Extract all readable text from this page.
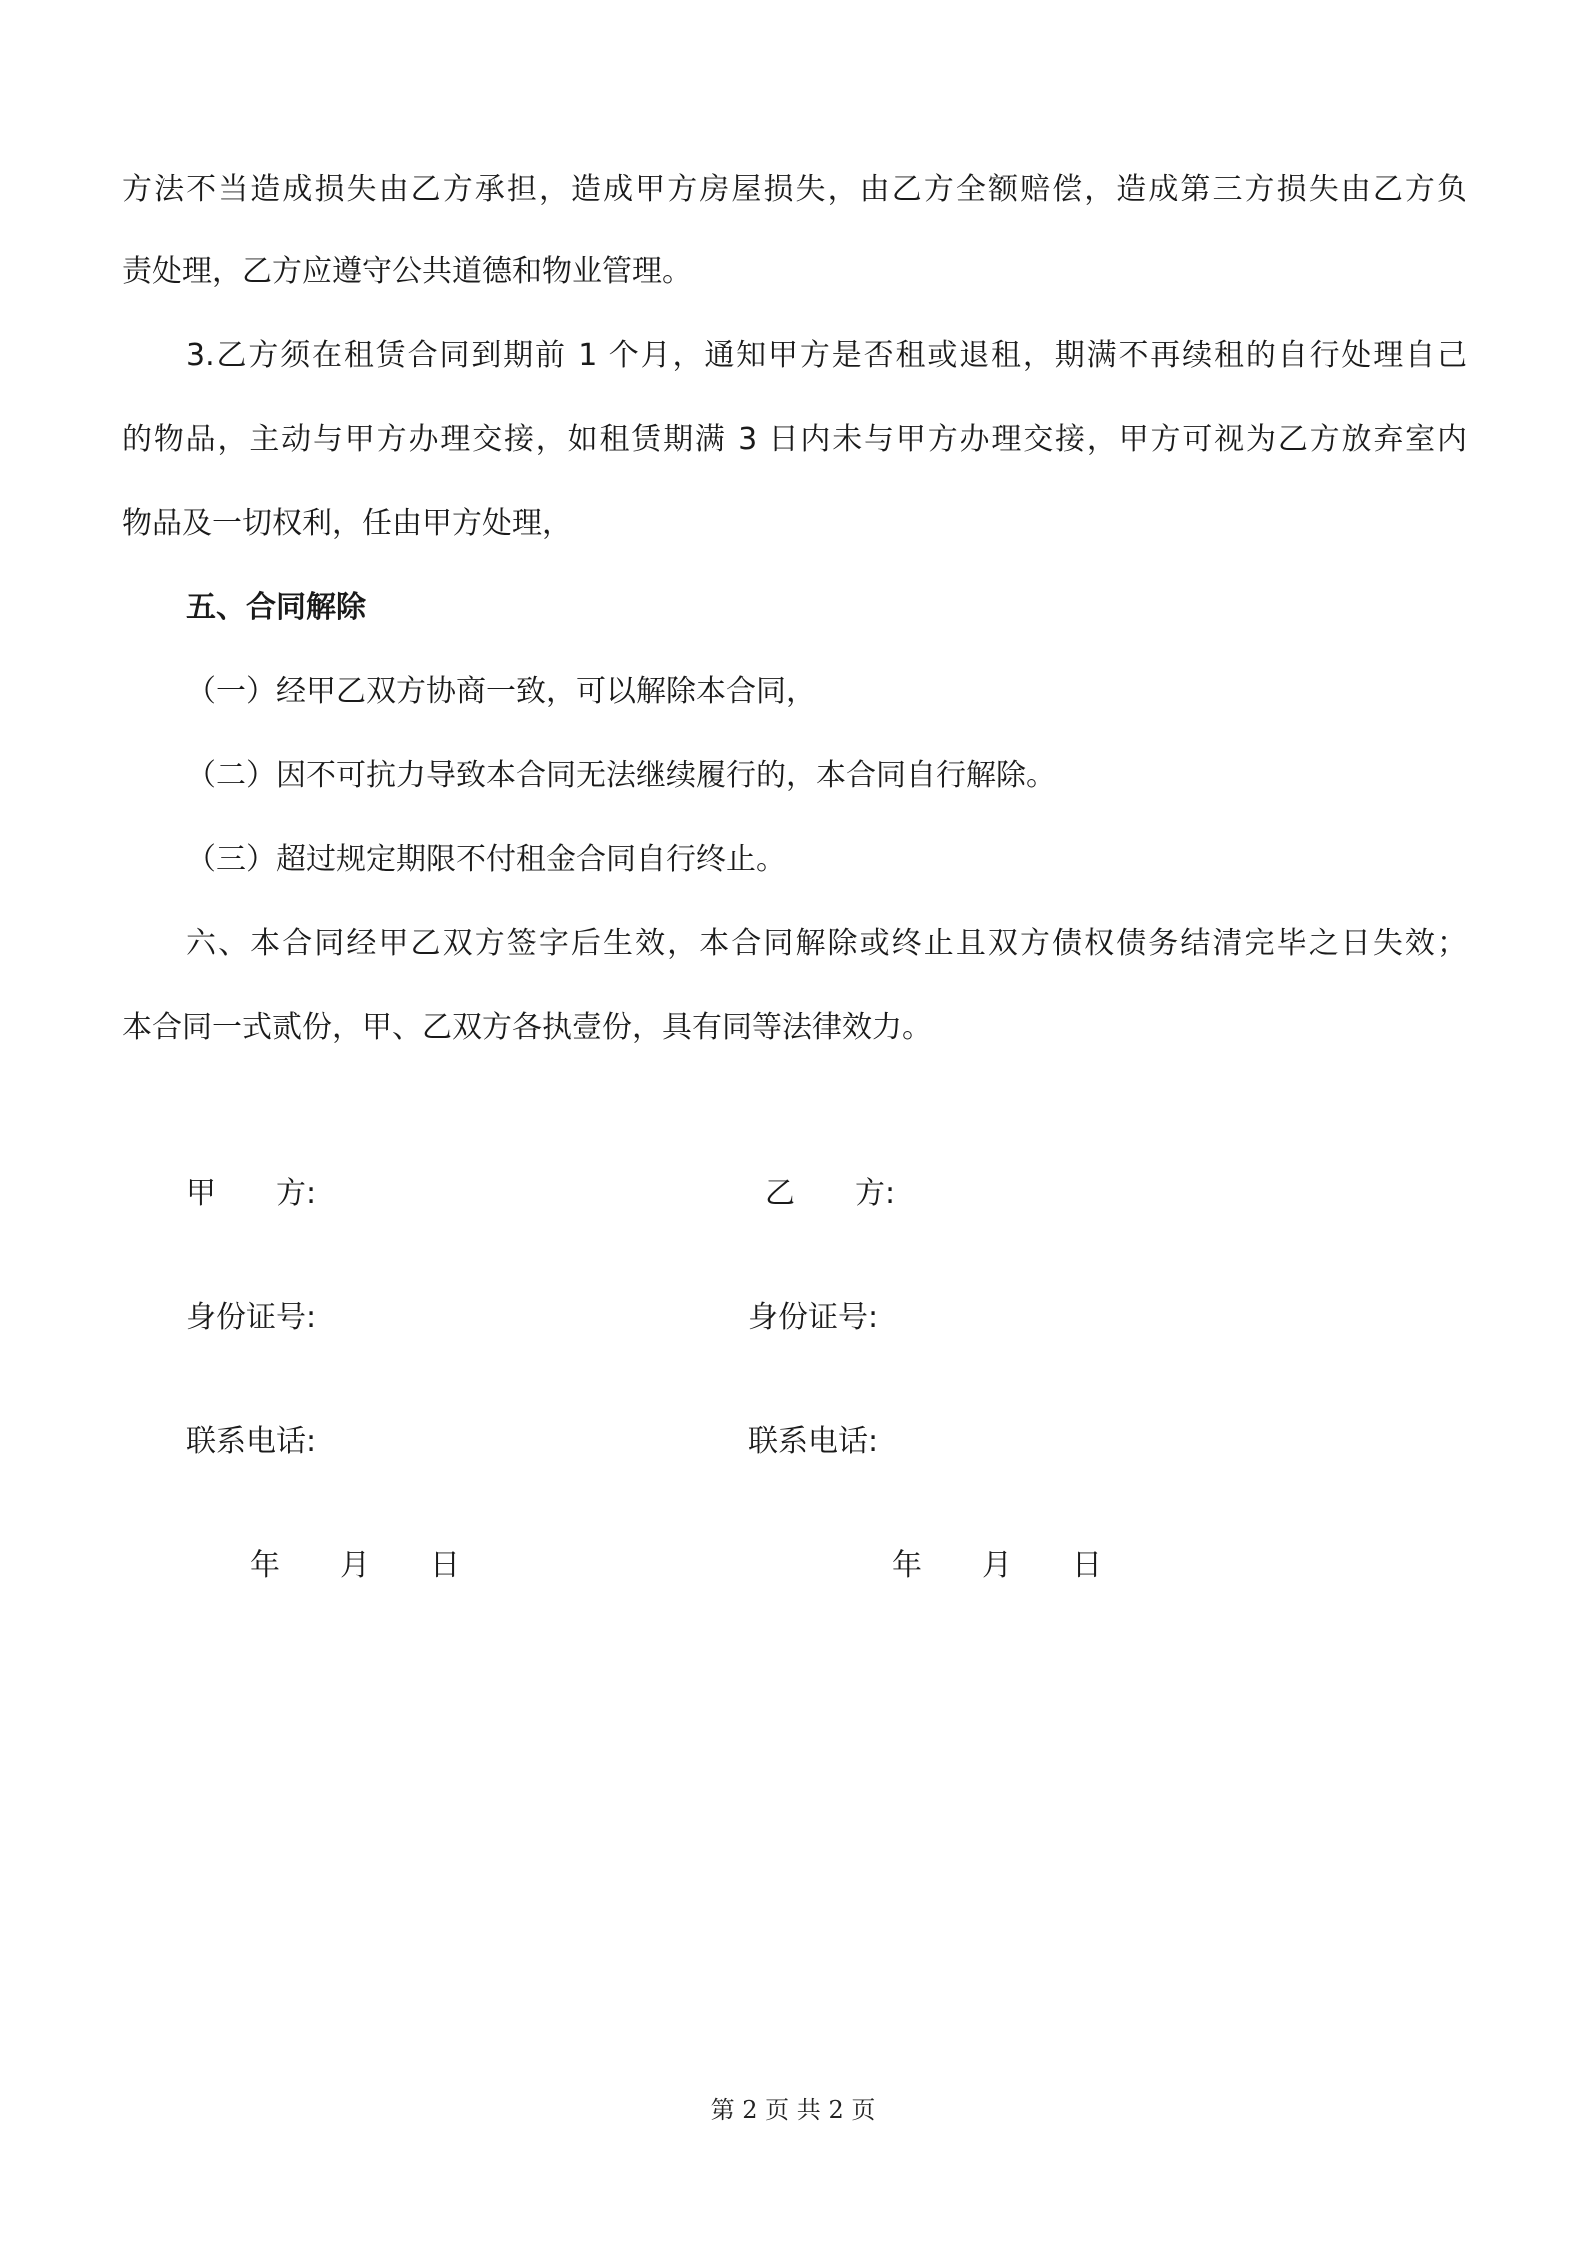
方法不当造成损失由乙方承担，造成甲方房屋损失，由乙方全额赔偿，造成第三方损失由乙方负
责处理，乙方应遵守公共道德和物业管理。
3.乙方须在租赁合同到期前 1 个月，通知甲方是否租或退租，期满不再续租的自行处理自己
的物品，主动与甲方办理交接，如租赁期满 3 日内未与甲方办理交接，甲方可视为乙方放弃室内
物品及一切权利，任由甲方处理，
五、合同解除
（一）经甲乙双方协商一致，可以解除本合同，
（二）因不可抗力导致本合同无法继续履行的，本合同自行解除。
（三）超过规定期限不付租金合同自行终止。
六、本合同经甲乙双方签字后生效，本合同解除或终止且双方债权债务结清完毕之日失效；
本合同一式贰份，甲、乙双方各执壹份，具有同等法律效力。
甲　　方:	乙　　方:
身份证号:	身份证号:
联系电话:	联系电话:
年　　月　　日	年　　月　　日
第 2 页 共 2 页
